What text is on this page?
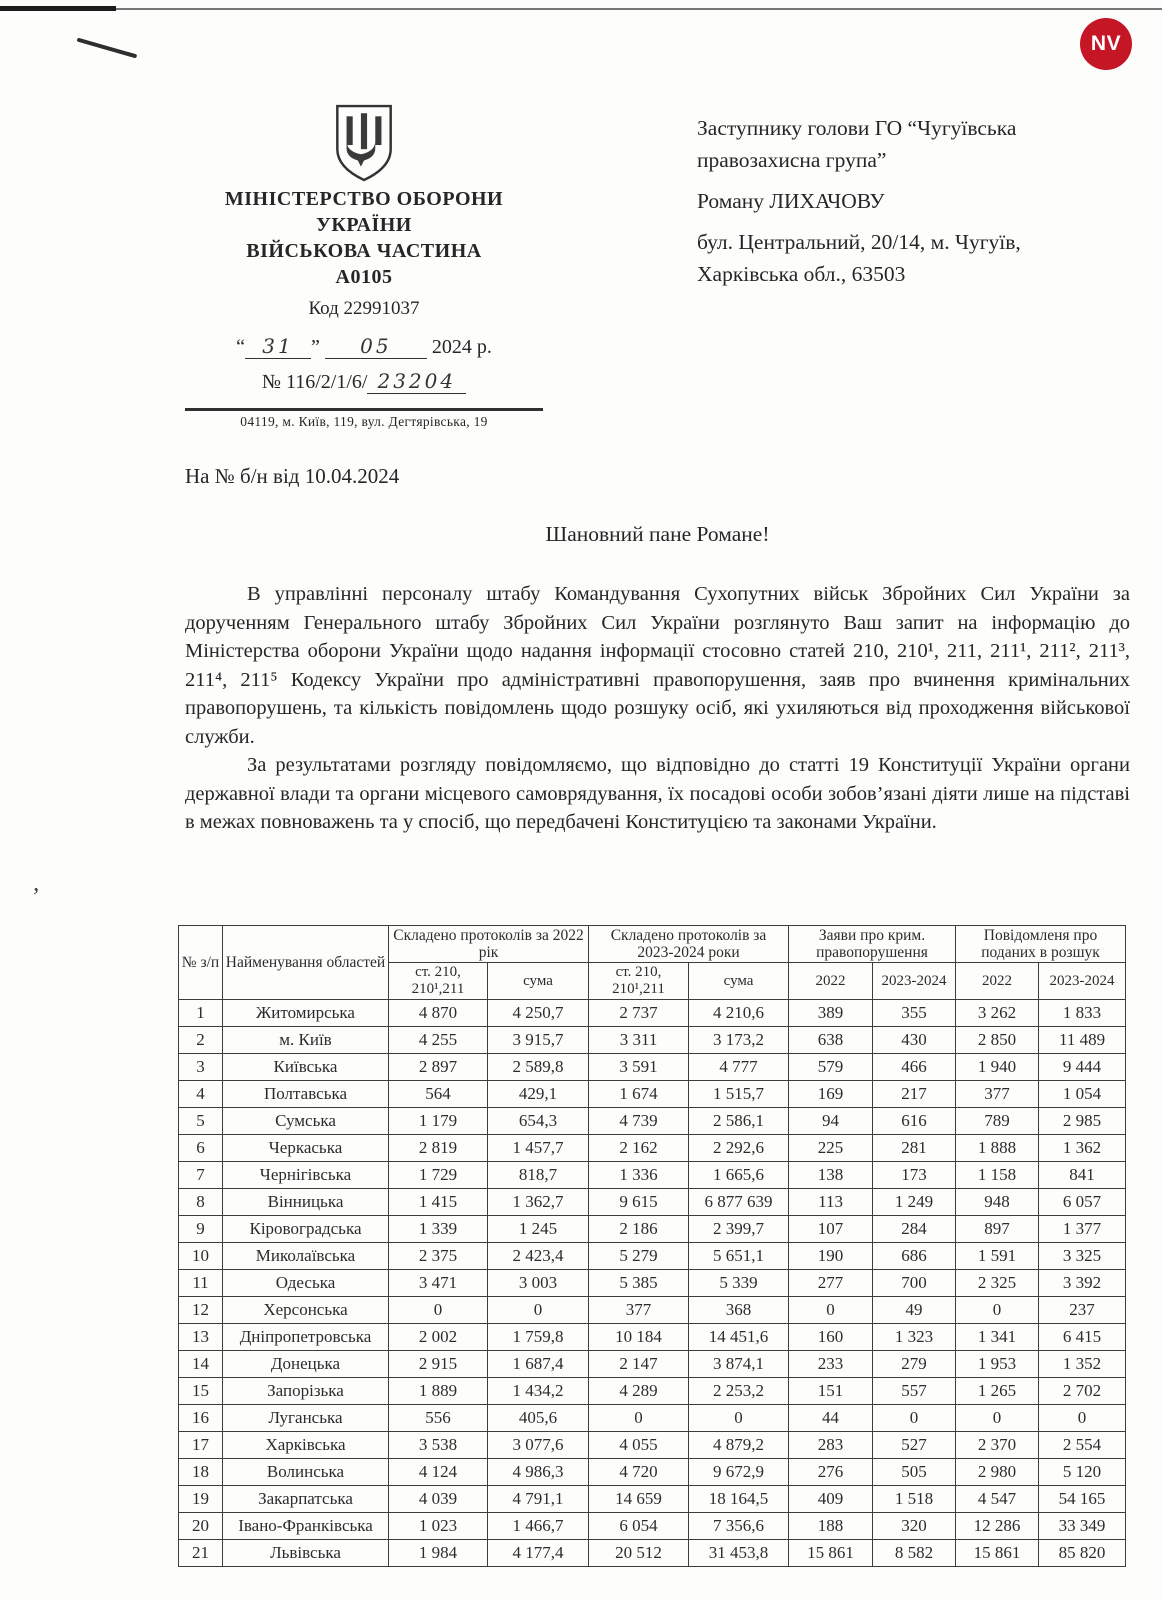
’
NV
МІНІСТЕРСТВО ОБОРОНИ
УКРАЇНИ
ВІЙСЬКОВА ЧАСТИНА
А0105
Код 22991037
“ 31 ” 05 2024 р.
№ 116/2/1/6/ 23204
04119, м. Київ, 119, вул. Дегтярівська, 19
Заступнику голови ГО “Чугуївська
правозахисна група”
Роману ЛИХАЧОВУ
бул. Центральний, 20/14, м. Чугуїв,
Харківська обл., 63503
На № б/н від 10.04.2024
Шановний пане Романе!

В управлінні персоналу штабу Командування Сухопутних військ Збройних Сил України за дорученням Генерального штабу Збройних Сил України розглянуто Ваш запит на інформацію до Міністерства оборони України щодо надання інформації стосовно статей 210, 210¹, 211, 211¹, 211², 211³, 211⁴, 211⁵ Кодексу України про адміністративні правопорушення, заяв про вчинення кримінальних правопорушень, та кількість повідомлень щодо розшуку осіб, які ухиляються від проходження військової служби.

За результатами розгляду повідомляємо, що відповідно до статті 19 Конституції України органи державної влади та органи місцевого самоврядування, їх посадові особи зобов’язані діяти лише на підставі в межах повноважень та у спосіб, що передбачені Конституцією та законами України.

№ з/п	Найменування областей	Складено протоколів за 2022 рік		Складено протоколів за 2023-2024 роки		Заяви про крим. правопорушення		Повідомленя про поданих в розшук	
		ст. 210, 210¹,211	сума	ст. 210, 210¹,211	сума	2022	2023-2024	2022	2023-2024
1	Житомирська	4 870	4 250,7	2 737	4 210,6	389	355	3 262	1 833
2	м. Київ	4 255	3 915,7	3 311	3 173,2	638	430	2 850	11 489
3	Київська	2 897	2 589,8	3 591	4 777	579	466	1 940	9 444
4	Полтавська	564	429,1	1 674	1 515,7	169	217	377	1 054
5	Сумська	1 179	654,3	4 739	2 586,1	94	616	789	2 985
6	Черкаська	2 819	1 457,7	2 162	2 292,6	225	281	1 888	1 362
7	Чернігівська	1 729	818,7	1 336	1 665,6	138	173	1 158	841
8	Вінницька	1 415	1 362,7	9 615	6 877 639	113	1 249	948	6 057
9	Кіровоградська	1 339	1 245	2 186	2 399,7	107	284	897	1 377
10	Миколаївська	2 375	2 423,4	5 279	5 651,1	190	686	1 591	3 325
11	Одеська	3 471	3 003	5 385	5 339	277	700	2 325	3 392
12	Херсонська	0	0	377	368	0	49	0	237
13	Дніпропетровська	2 002	1 759,8	10 184	14 451,6	160	1 323	1 341	6 415
14	Донецька	2 915	1 687,4	2 147	3 874,1	233	279	1 953	1 352
15	Запорізька	1 889	1 434,2	4 289	2 253,2	151	557	1 265	2 702
16	Луганська	556	405,6	0	0	44	0	0	0
17	Харківська	3 538	3 077,6	4 055	4 879,2	283	527	2 370	2 554
18	Волинська	4 124	4 986,3	4 720	9 672,9	276	505	2 980	5 120
19	Закарпатська	4 039	4 791,1	14 659	18 164,5	409	1 518	4 547	54 165
20	Івано-Франківська	1 023	1 466,7	6 054	7 356,6	188	320	12 286	33 349
21	Львівська	1 984	4 177,4	20 512	31 453,8	15 861	8 582	15 861	85 820
